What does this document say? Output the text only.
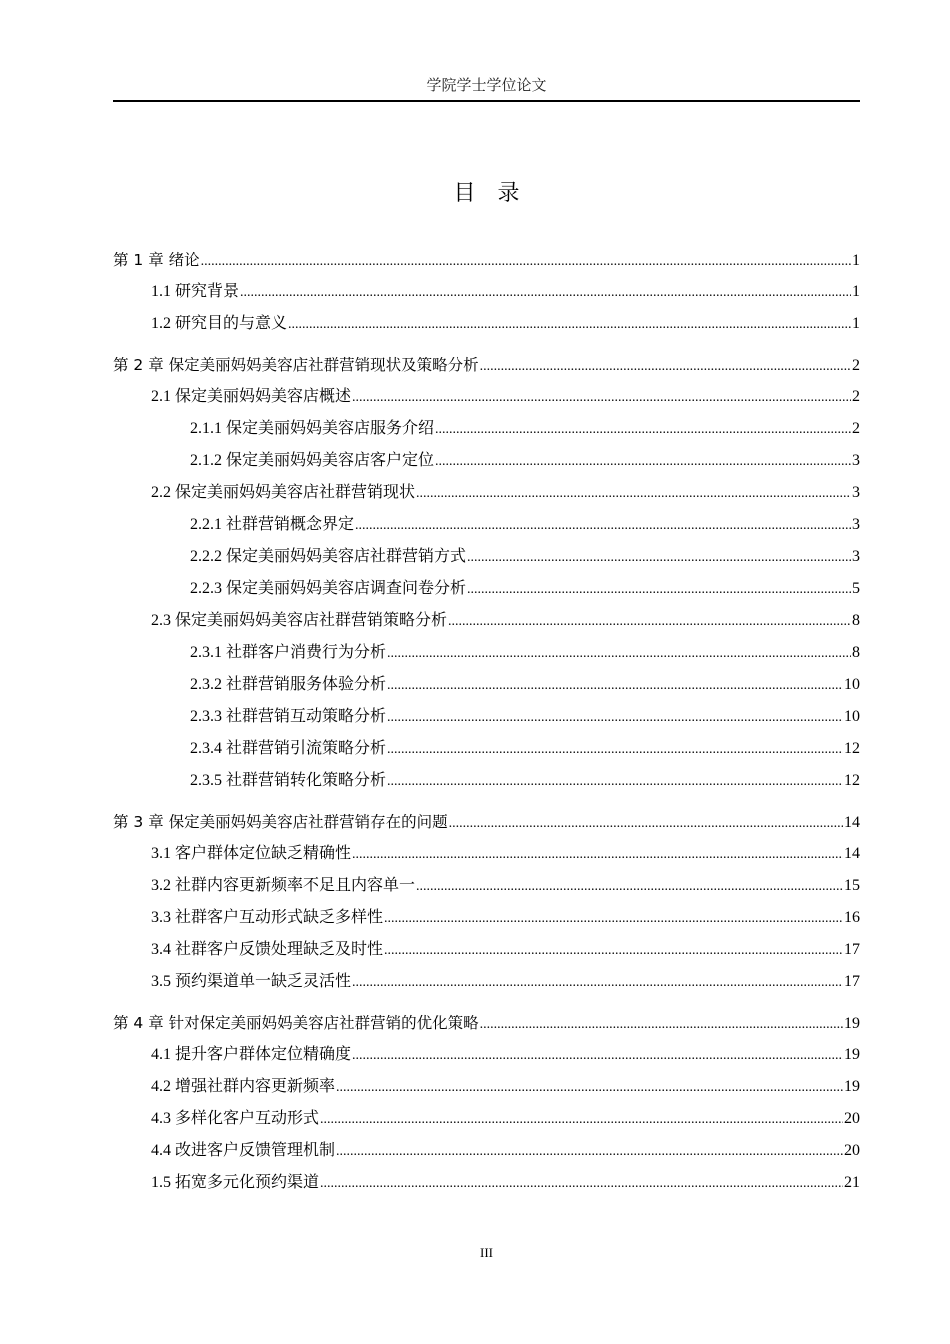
学院学士学位论文
目录
第 1 章 绪论 .....	1
1.1 研究背景 .....	1
1.2 研究目的与意义 .....	1
第 2 章 保定美丽妈妈美容店社群营销现状及策略分析 .....	2
2.1 保定美丽妈妈美容店概述 .....	2
2.1.1 保定美丽妈妈美容店服务介绍 .....	2
2.1.2 保定美丽妈妈美容店客户定位 .....	3
2.2 保定美丽妈妈美容店社群营销现状 .....	3
2.2.1 社群营销概念界定 .....	3
2.2.2 保定美丽妈妈美容店社群营销方式 .....	3
2.2.3 保定美丽妈妈美容店调查问卷分析 .....	5
2.3 保定美丽妈妈美容店社群营销策略分析 .....	8
2.3.1 社群客户消费行为分析 .....	8
2.3.2 社群营销服务体验分析 .....	10
2.3.3 社群营销互动策略分析 .....	10
2.3.4 社群营销引流策略分析 .....	12
2.3.5 社群营销转化策略分析 .....	12
第 3 章 保定美丽妈妈美容店社群营销存在的问题 .....	14
3.1 客户群体定位缺乏精确性 .....	14
3.2 社群内容更新频率不足且内容单一 .....	15
3.3 社群客户互动形式缺乏多样性 .....	16
3.4 社群客户反馈处理缺乏及时性 .....	17
3.5 预约渠道单一缺乏灵活性 .....	17
第 4 章 针对保定美丽妈妈美容店社群营销的优化策略 .....	19
4.1 提升客户群体定位精确度 .....	19
4.2 增强社群内容更新频率 .....	19
4.3 多样化客户互动形式 .....	20
4.4 改进客户反馈管理机制 .....	20
1.5 拓宽多元化预约渠道 .....	21
III
